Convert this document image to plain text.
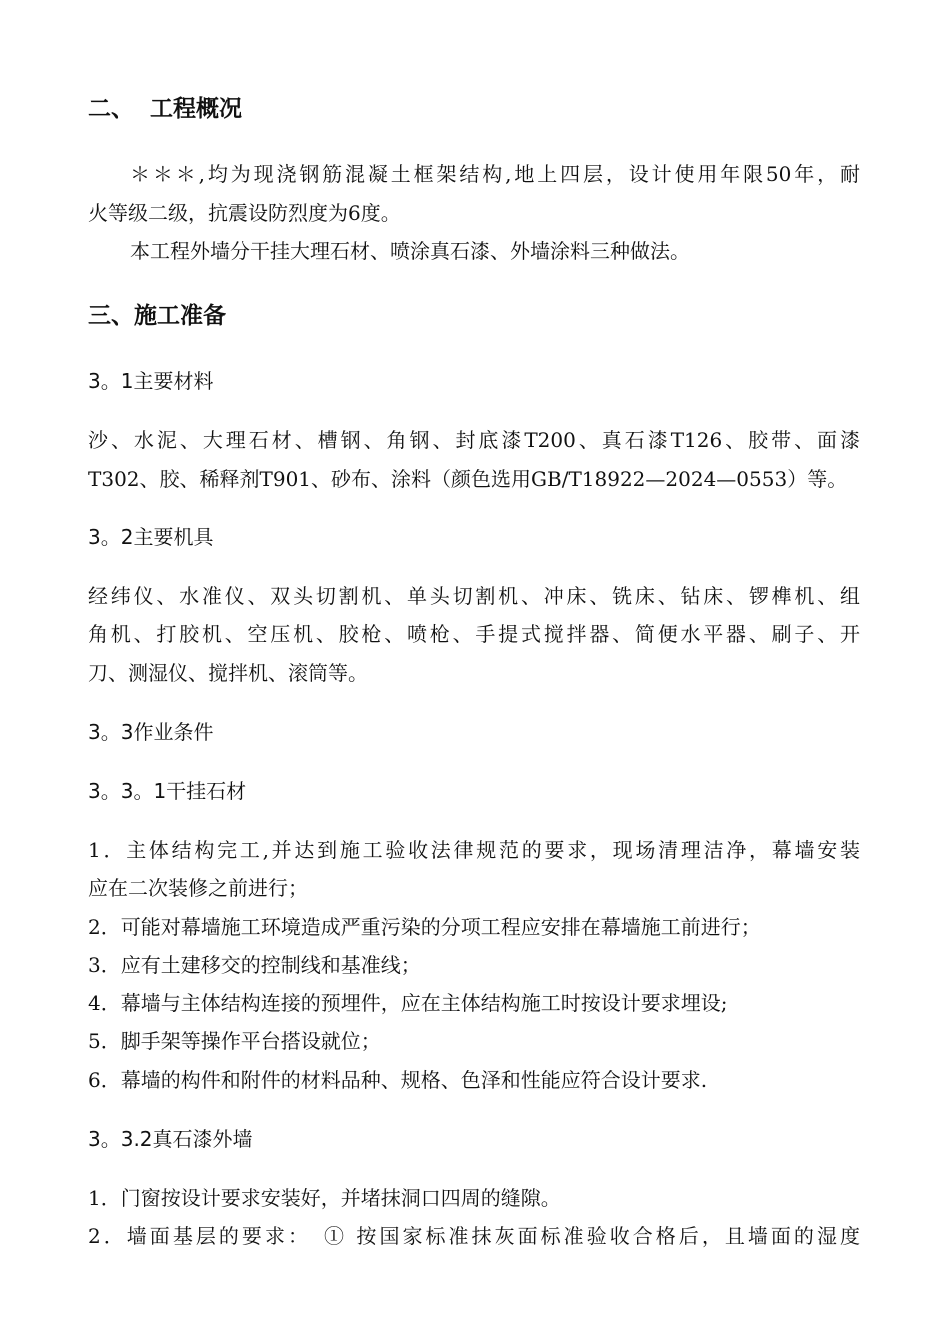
二、 工程概况
＊＊＊,均为现浇钢筋混凝土框架结构,地上四层，设计使用年限50年，耐
火等级二级，抗震设防烈度为6度。
本工程外墙分干挂大理石材、喷涂真石漆、外墙涂料三种做法。
三、施工准备
3。1主要材料
沙、水泥、大理石材、槽钢、角钢、封底漆T200、真石漆T126、胶带、面漆
T302、胶、稀释剂T901、砂布、涂料（颜色选用GB/T18922—2024—0553）等。
3。2主要机具
经纬仪、水准仪、双头切割机、单头切割机、冲床、铣床、钻床、锣榫机、组
角机、打胶机、空压机、胶枪、喷枪、手提式搅拌器、简便水平器、刷子、开
刀、测湿仪、搅拌机、滚筒等。
3。3作业条件
3。3。1干挂石材
1．主体结构完工,并达到施工验收法律规范的要求，现场清理洁净，幕墙安装
应在二次装修之前进行；
2．可能对幕墙施工环境造成严重污染的分项工程应安排在幕墙施工前进行；
3．应有土建移交的控制线和基准线；
4．幕墙与主体结构连接的预埋件，应在主体结构施工时按设计要求埋设;
5．脚手架等操作平台搭设就位；
6．幕墙的构件和附件的材料品种、规格、色泽和性能应符合设计要求.
3。3.2真石漆外墙
1．门窗按设计要求安装好，并堵抹洞口四周的缝隙。
2．墙面基层的要求：　① 按国家标准抹灰面标准验收合格后，且墙面的湿度
